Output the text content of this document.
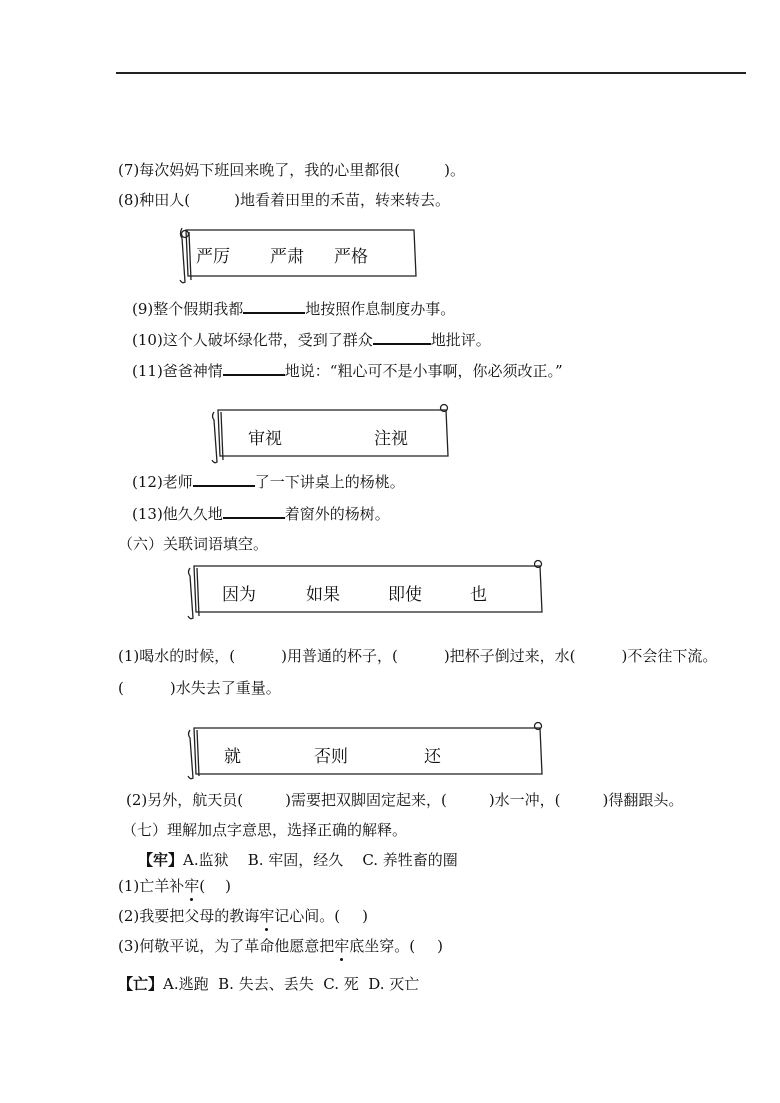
(7)每次妈妈下班回来晚了，我的心里都很(	)。
(8)种田人(	)地看着田里的禾苗，转来转去。
严厉 严肃 严格
(9)整个假期我都	地按照作息制度办事。
(10)这个人破坏绿化带，受到了群众	地批评。
(11)爸爸神情	地说：“粗心可不是小事啊，你必须改正。”
审视	注视
(12)老师	了一下讲桌上的杨桃。
(13)他久久地	着窗外的杨树。
（六）关联词语填空。
因为	如果	即使	也
(1)喝水的时候，(	)用普通的杯子，(	)把杯子倒过来，水(	)不会往下流。
(	)水失去了重量。
就	否则	还
(2)另外，航天员(	)需要把双脚固定起来，(	)水一冲，(	)得翻跟头。
（七）理解加点字意思，选择正确的解释。
【牢】A.监狱    B. 牢固，经久    C. 养牲畜的圈
(1)亡羊补牢( )
(2)我要把父母的教诲牢记心间。( )
(3)何敬平说，为了革命他愿意把牢底坐穿。( )
【亡】A.逃跑  B. 失去、丢失  C. 死  D. 灭亡
